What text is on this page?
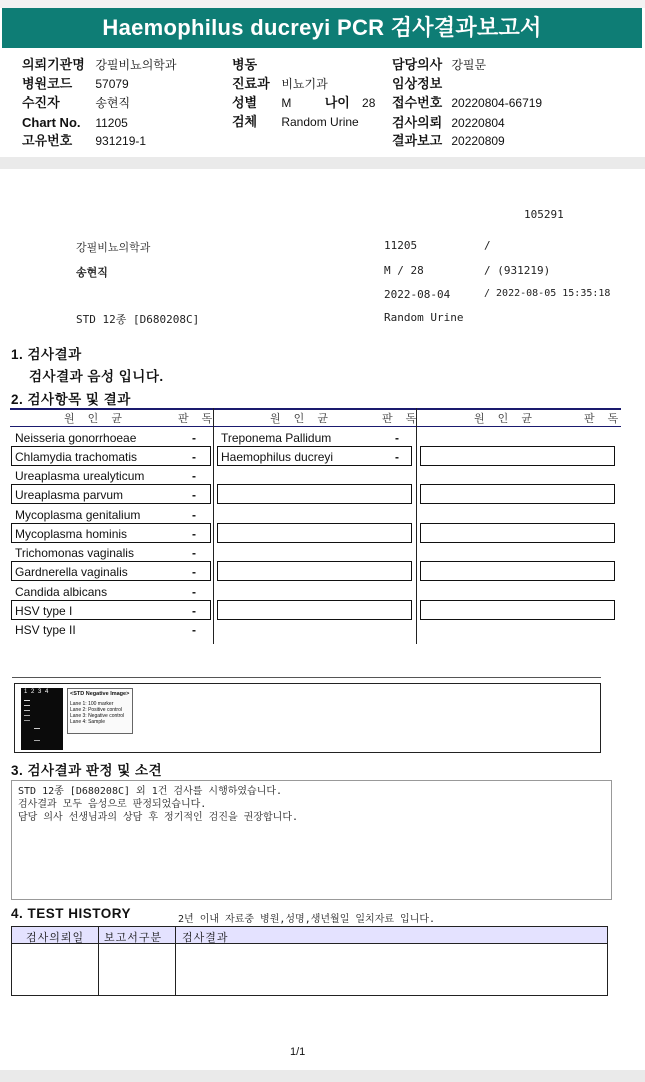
Haemophilus ducreyi PCR 검사결과보고서
의뢰기관명 강필비뇨의학과
병원코드 57079
수진자	송현직
Chart No. 11205
고유번호 931219-1
병동
진료과 비뇨기과
성별 M	나이 28
검체 Random Urine
담당의사 강필문
임상정보
접수번호 20220804-66719
검사의뢰 20220804
결과보고 20220809
105291
강필비뇨의학과	11205	/
송현직	M / 28	/ (931219)
2022-08-04	/ 2022-08-05 15:35:18
STD 12종 [D680208C]	Random Urine
1. 검사결과
검사결과 음성 입니다.
2. 검사항목 및 결과
원 인 균	판 독	원 인 균	판 독	원 인 균	판 독
Neisseria gonorrhoeae	-
Chlamydia trachomatis	-
Ureaplasma urealyticum	-
Ureaplasma parvum	-
Mycoplasma genitalium	-
Mycoplasma hominis	-
Trichomonas vaginalis	-
Gardnerella vaginalis	-
Candida albicans	-
HSV type I	-
HSV type II	-
Treponema Pallidum	-
Haemophilus ducreyi	-
1 2 3 4	<STD Negative Image>
Lane 1: 100 marker
Lane 2: Positive control
Lane 3: Negative control
Lane 4: Sample
3. 검사결과 판정 및 소견
STD 12종 [D680208C] 외 1건 검사를 시행하였습니다.
검사결과 모두 음성으로 판정되었습니다.
담당 의사 선생님과의 상담 후 정기적인 검진을 권장합니다.
4. TEST HISTORY	2년 이내 자료중 병원,성명,생년월일 일치자료 입니다.
검사의뢰일 보고서구분 검사결과
1/1
